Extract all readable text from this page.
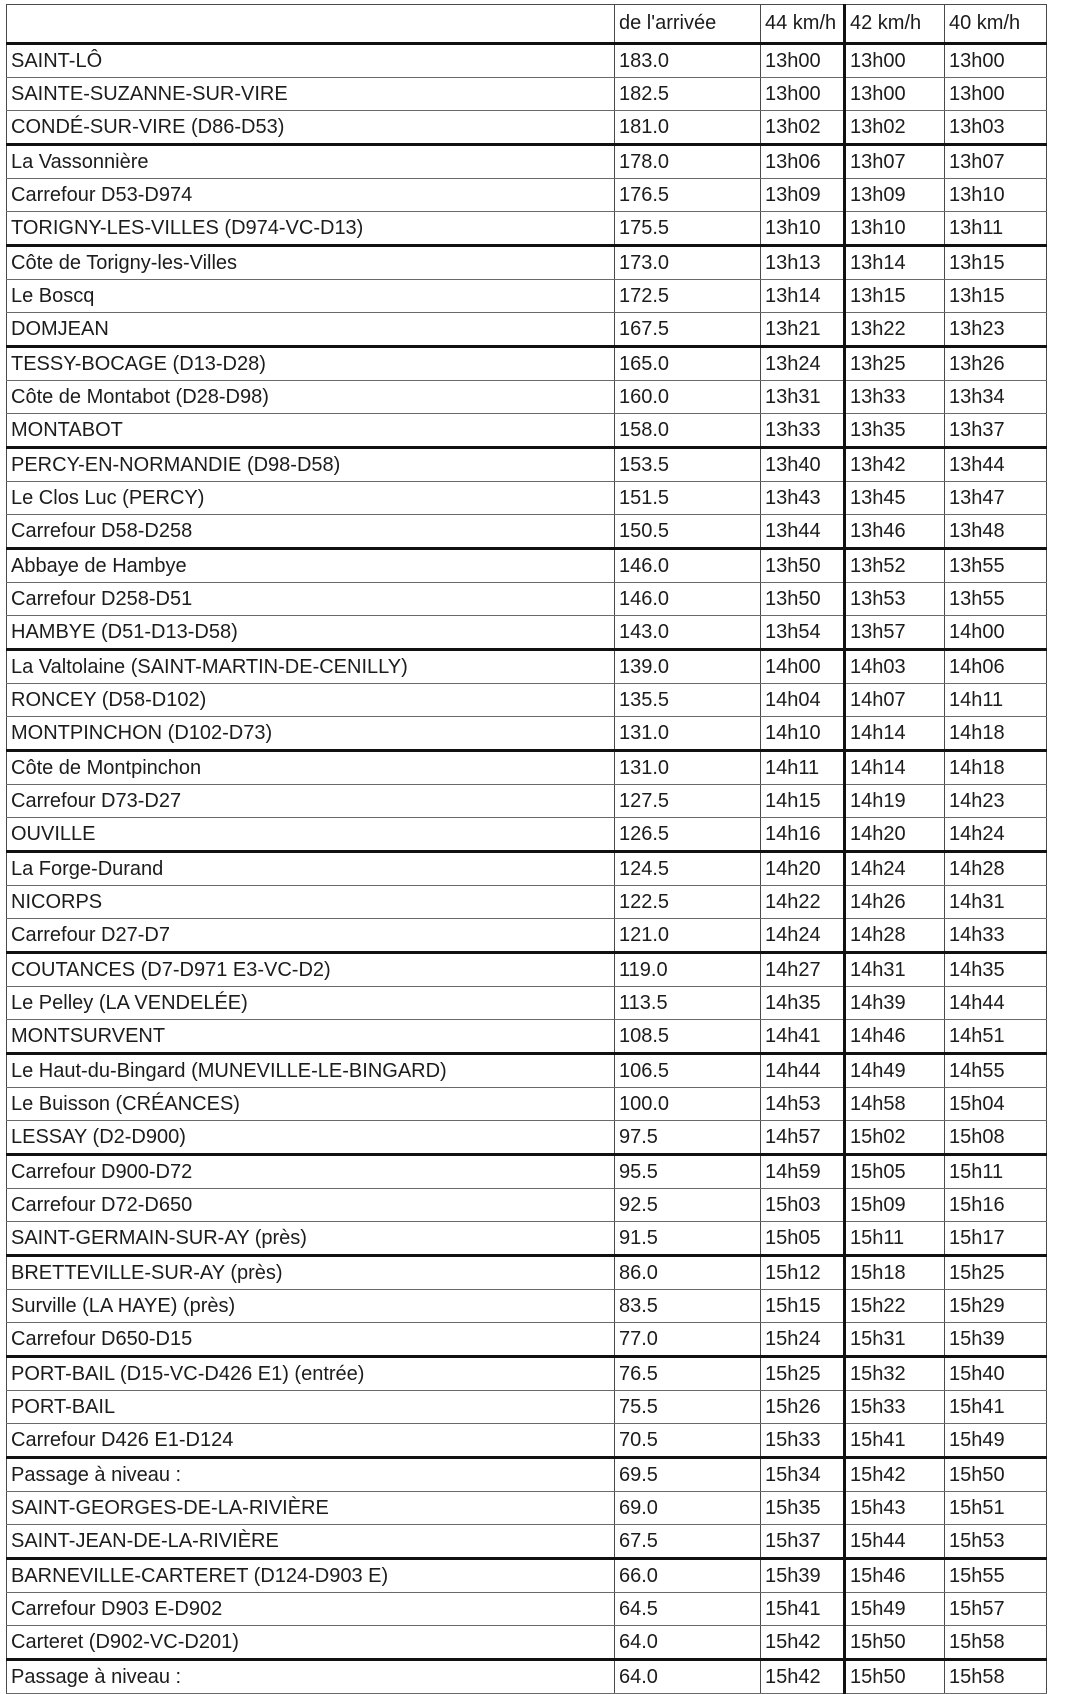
	de l'arrivée	44 km/h	42 km/h	40 km/h
SAINT-LÔ	183.0	13h00	13h00	13h00
SAINTE-SUZANNE-SUR-VIRE	182.5	13h00	13h00	13h00
CONDÉ-SUR-VIRE (D86-D53)	181.0	13h02	13h02	13h03
La Vassonnière	178.0	13h06	13h07	13h07
Carrefour D53-D974	176.5	13h09	13h09	13h10
TORIGNY-LES-VILLES (D974-VC-D13)	175.5	13h10	13h10	13h11
Côte de Torigny-les-Villes	173.0	13h13	13h14	13h15
Le Boscq	172.5	13h14	13h15	13h15
DOMJEAN	167.5	13h21	13h22	13h23
TESSY-BOCAGE (D13-D28)	165.0	13h24	13h25	13h26
Côte de Montabot (D28-D98)	160.0	13h31	13h33	13h34
MONTABOT	158.0	13h33	13h35	13h37
PERCY-EN-NORMANDIE (D98-D58)	153.5	13h40	13h42	13h44
Le Clos Luc (PERCY)	151.5	13h43	13h45	13h47
Carrefour D58-D258	150.5	13h44	13h46	13h48
Abbaye de Hambye	146.0	13h50	13h52	13h55
Carrefour D258-D51	146.0	13h50	13h53	13h55
HAMBYE (D51-D13-D58)	143.0	13h54	13h57	14h00
La Valtolaine (SAINT-MARTIN-DE-CENILLY)	139.0	14h00	14h03	14h06
RONCEY (D58-D102)	135.5	14h04	14h07	14h11
MONTPINCHON (D102-D73)	131.0	14h10	14h14	14h18
Côte de Montpinchon	131.0	14h11	14h14	14h18
Carrefour D73-D27	127.5	14h15	14h19	14h23
OUVILLE	126.5	14h16	14h20	14h24
La Forge-Durand	124.5	14h20	14h24	14h28
NICORPS	122.5	14h22	14h26	14h31
Carrefour D27-D7	121.0	14h24	14h28	14h33
COUTANCES (D7-D971 E3-VC-D2)	119.0	14h27	14h31	14h35
Le Pelley (LA VENDELÉE)	113.5	14h35	14h39	14h44
MONTSURVENT	108.5	14h41	14h46	14h51
Le Haut-du-Bingard (MUNEVILLE-LE-BINGARD)	106.5	14h44	14h49	14h55
Le Buisson (CRÉANCES)	100.0	14h53	14h58	15h04
LESSAY (D2-D900)	97.5	14h57	15h02	15h08
Carrefour D900-D72	95.5	14h59	15h05	15h11
Carrefour D72-D650	92.5	15h03	15h09	15h16
SAINT-GERMAIN-SUR-AY (près)	91.5	15h05	15h11	15h17
BRETTEVILLE-SUR-AY (près)	86.0	15h12	15h18	15h25
Surville (LA HAYE) (près)	83.5	15h15	15h22	15h29
Carrefour D650-D15	77.0	15h24	15h31	15h39
PORT-BAIL (D15-VC-D426 E1) (entrée)	76.5	15h25	15h32	15h40
PORT-BAIL	75.5	15h26	15h33	15h41
Carrefour D426 E1-D124	70.5	15h33	15h41	15h49
Passage à niveau :	69.5	15h34	15h42	15h50
SAINT-GEORGES-DE-LA-RIVIÈRE	69.0	15h35	15h43	15h51
SAINT-JEAN-DE-LA-RIVIÈRE	67.5	15h37	15h44	15h53
BARNEVILLE-CARTERET (D124-D903 E)	66.0	15h39	15h46	15h55
Carrefour D903 E-D902	64.5	15h41	15h49	15h57
Carteret (D902-VC-D201)	64.0	15h42	15h50	15h58
Passage à niveau :	64.0	15h42	15h50	15h58
